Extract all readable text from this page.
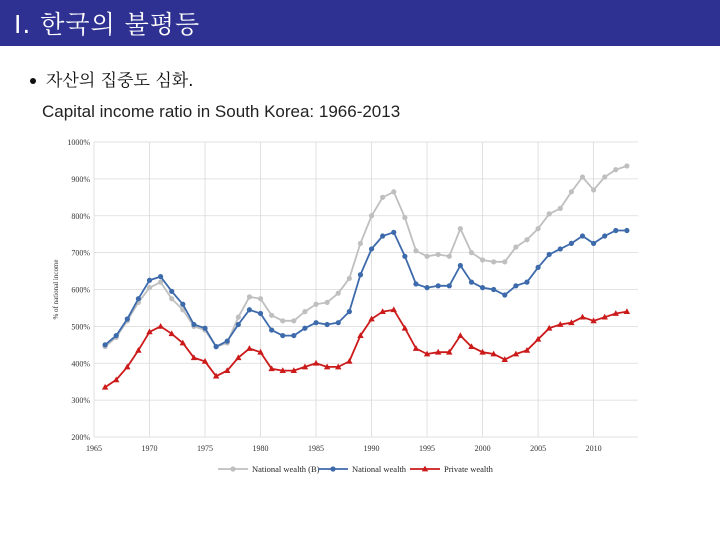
Ⅰ. 한국의 불평등
자산의 집중도 심화.
Capital income ratio in South Korea: 1966-2013
200%
300%
400%
500%
600%
700%
800%
900%
1000%
1965	1970	1975	1980	1985	1990	1995	2000	2005	2010
% of national income
National wealth (B)	National wealth	Private wealth
